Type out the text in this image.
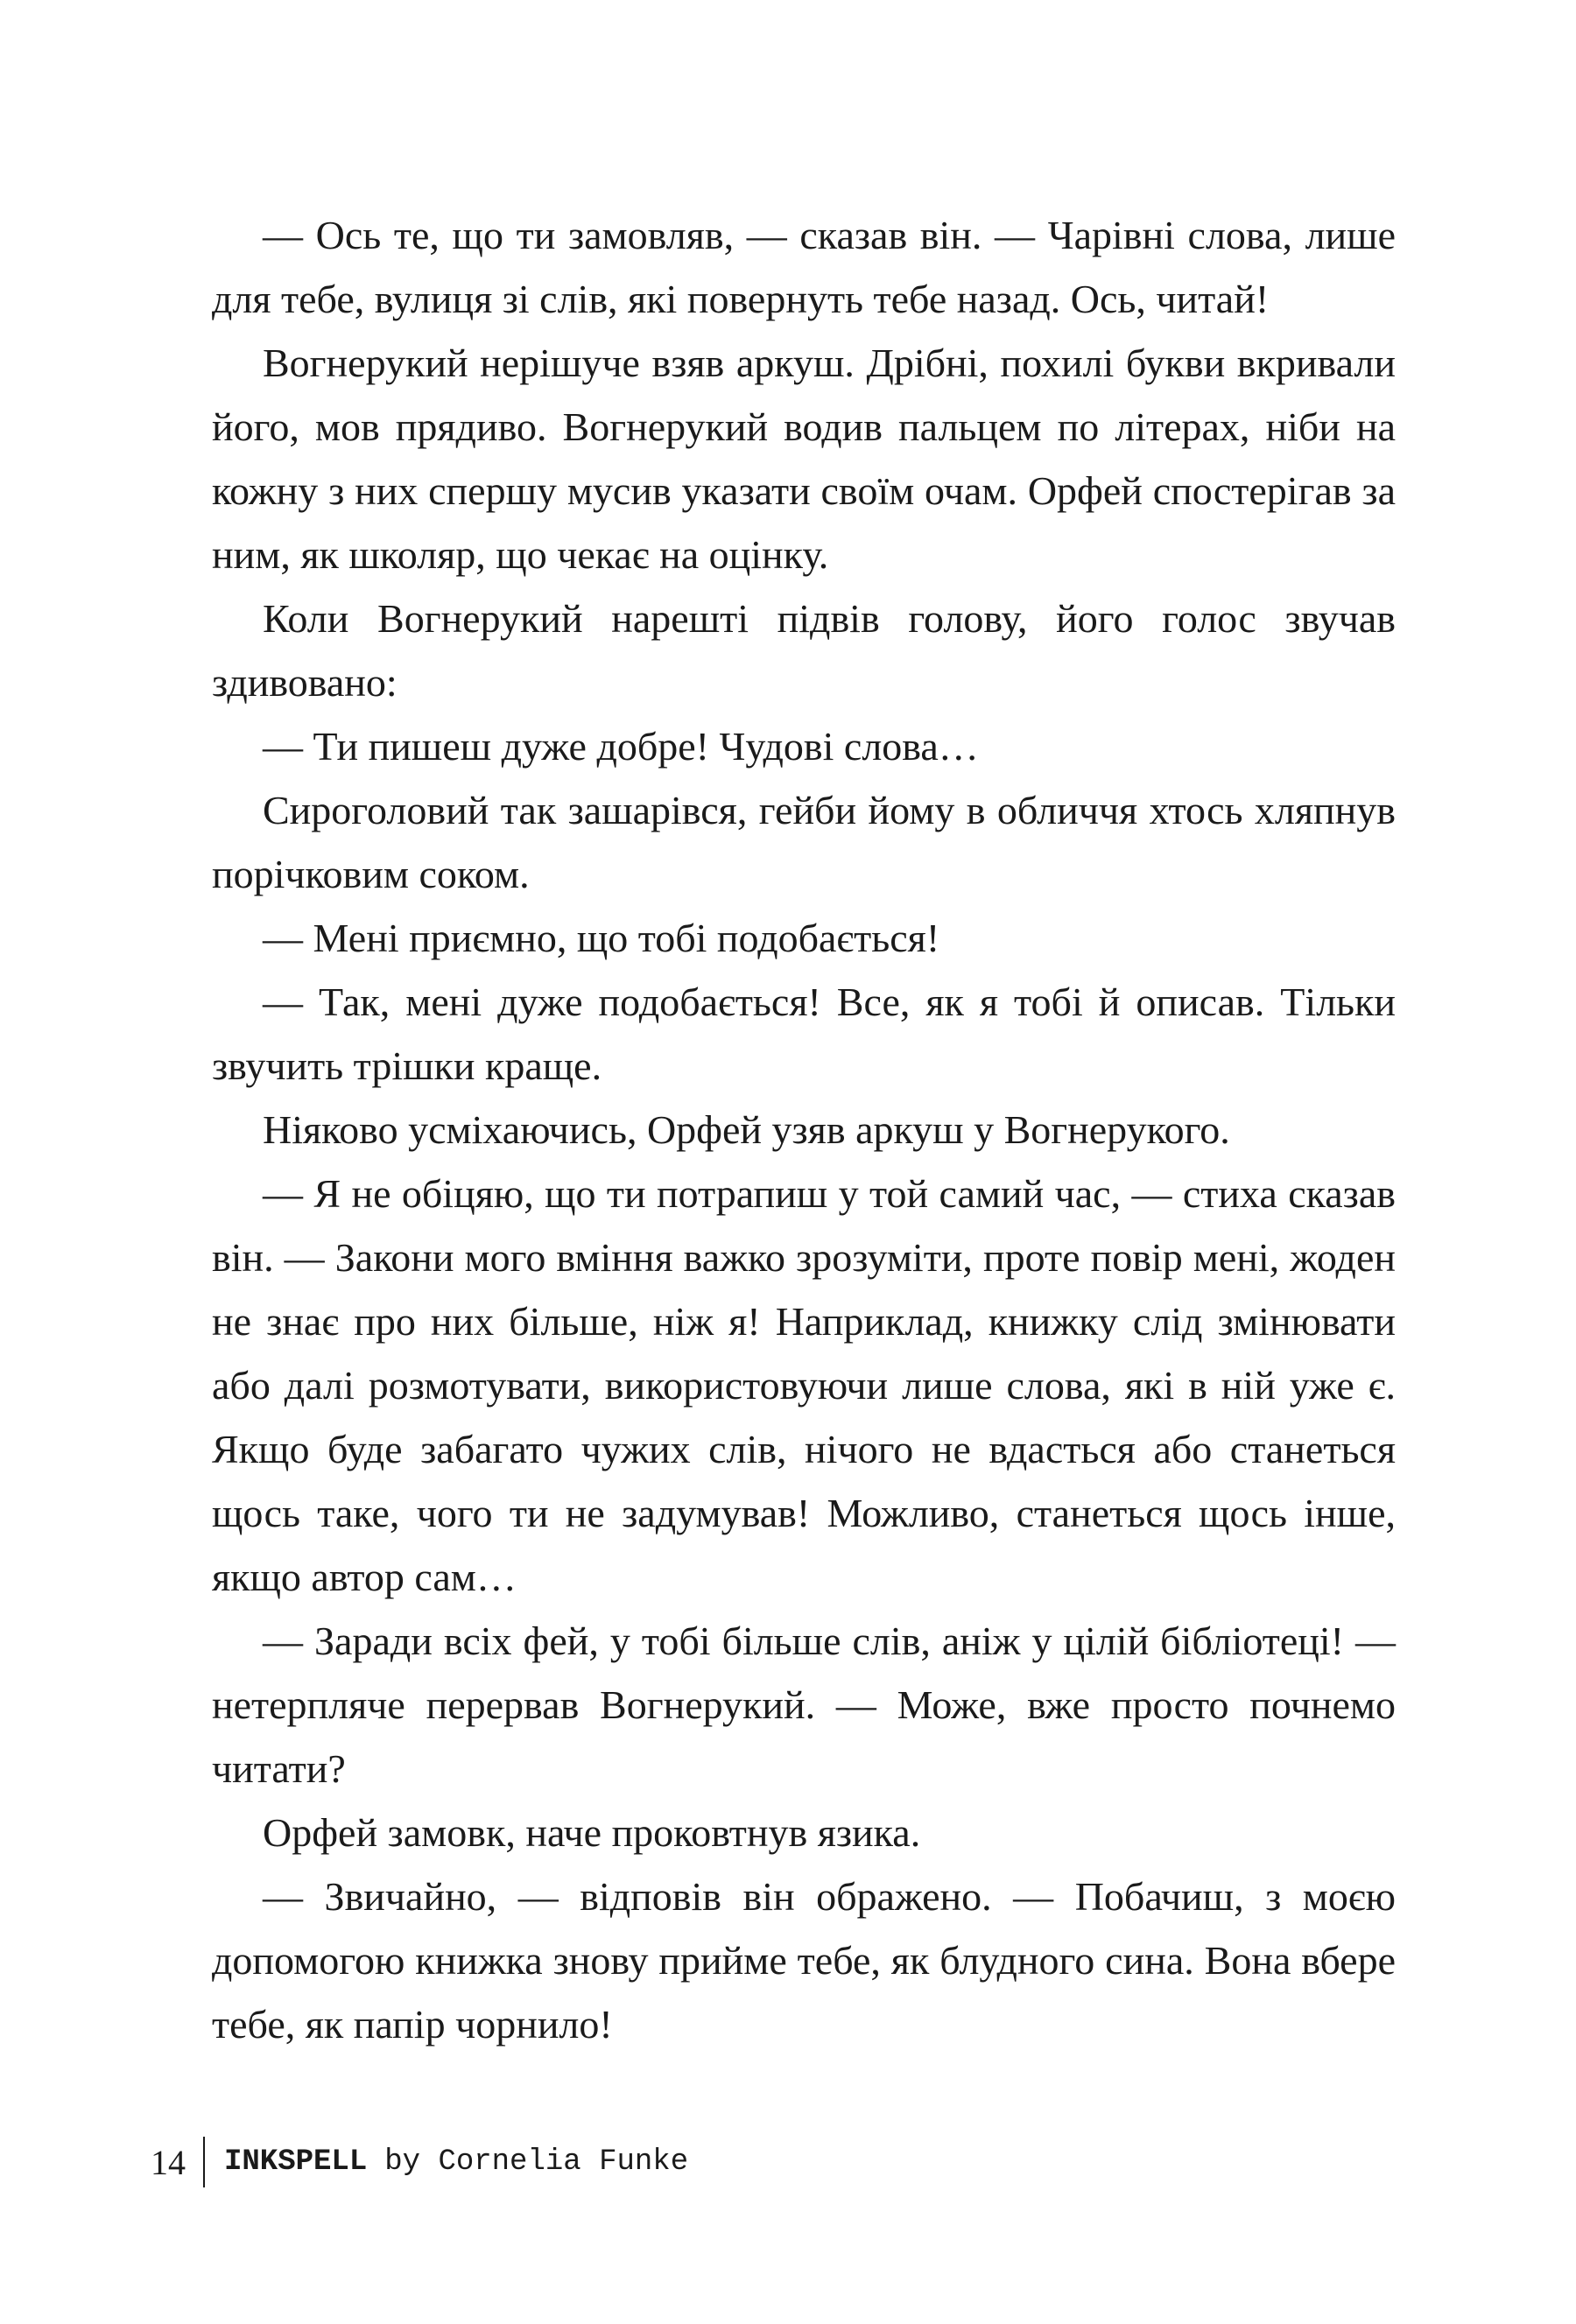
— Ось те, що ти замовляв, — сказав він. — Чарівні слова, лише для тебе, вулиця зі слів, які повернуть тебе назад. Ось, читай!

Вогнерукий нерішуче взяв аркуш. Дрібні, похилі букви вкривали його, мов прядиво. Вогнерукий водив пальцем по літерах, ніби на кожну з них спершу мусив указати своїм очам. Орфей спостерігав за ним, як школяр, що чекає на оцінку.

Коли Вогнерукий нарешті підвів голову, його голос звучав здивовано:

— Ти пишеш дуже добре! Чудові слова…

Сироголовий так зашарівся, гейби йому в обличчя хтось хляпнув порічковим соком.

— Мені приємно, що тобі подобається!

— Так, мені дуже подобається! Все, як я тобі й описав. Тільки звучить трішки краще.

Ніяково усміхаючись, Орфей узяв аркуш у Вогнерукого.

— Я не обіцяю, що ти потрапиш у той самий час, — стиха сказав він. — Закони мого вміння важко зрозуміти, проте повір мені, жоден не знає про них більше, ніж я! Наприклад, книжку слід змінювати або далі розмотувати, використовуючи лише слова, які в ній уже є. Якщо буде забагато чужих слів, нічого не вдасться або станеться щось таке, чого ти не задумував! Можливо, станеться щось інше, якщо автор сам…

— Заради всіх фей, у тобі більше слів, аніж у цілій бібліотеці! — нетерпляче перервав Вогнерукий. — Може, вже просто почнемо читати?

Орфей замовк, наче проковтнув язика.

— Звичайно, — відповів він ображено. — Побачиш, з моєю допомогою книжка знову прийме тебе, як блудного сина. Вона вбере тебе, як папір чорнило!

14 INKSPELL by Cornelia Funke
